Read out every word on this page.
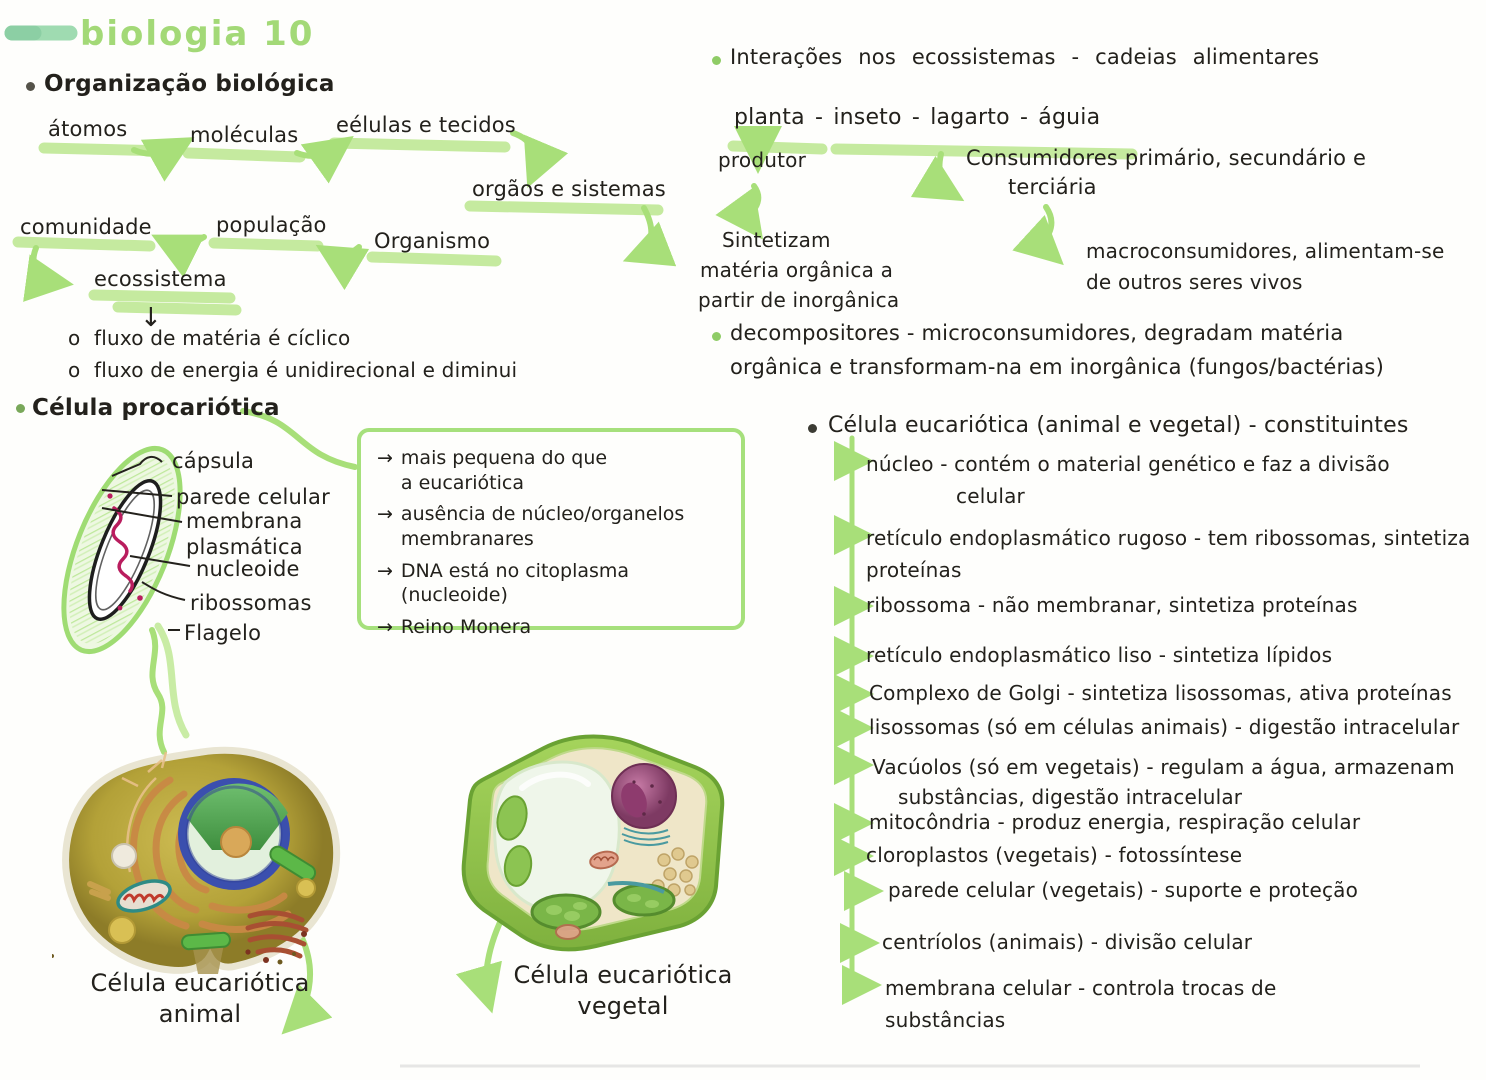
biologia 10
Organização biológica
átomos	moléculas eélulas e tecidos
orgãos e sistemas
comunidade	população
Organismo
ecossistema
↓
o fluxo de matéria é cíclico
o fluxo de energia é unidirecional e diminui
Célula procariótica
cápsula
parede celular
membrana plasmática
nucleoide
ribossomas
Flagelo
→ mais pequena do que
a eucariótica
→ ausência de núcleo/organelos
membranares
→ DNA está no citoplasma (nucleoide)
→ Reino Monera
Célula eucariótica animal
Célula eucariótica vegetal
Interações nos ecossistemas - cadeias alimentares
planta - inseto - lagarto - águia
produtor
Sintetizam
matéria orgânica a
partir de inorgânica
Consumidores primário, secundário e terciária
macroconsumidores, alimentam-se de outros seres vivos
decompositores - microconsumidores, degradam matéria
orgânica e transformam-na em inorgânica (fungos/bactérias)
Célula eucariótica (animal e vegetal) - constituintes
núcleo - contém o material genético e faz a divisão celular
retículo endoplasmático rugoso - tem ribossomas, sintetiza proteínas
ribossoma - não membranar, sintetiza proteínas
retículo endoplasmático liso - sintetiza lípidos
Complexo de Golgi - sintetiza lisossomas, ativa proteínas
lisossomas (só em células animais) - digestão intracelular
Vacúolos (só em vegetais) - regulam a água, armazenam substâncias, digestão intracelular
mitocôndria - produz energia, respiração celular
cloroplastos (vegetais) - fotossíntese
parede celular (vegetais) - suporte e proteção
centríolos (animais) - divisão celular
membrana celular - controla trocas de substâncias
